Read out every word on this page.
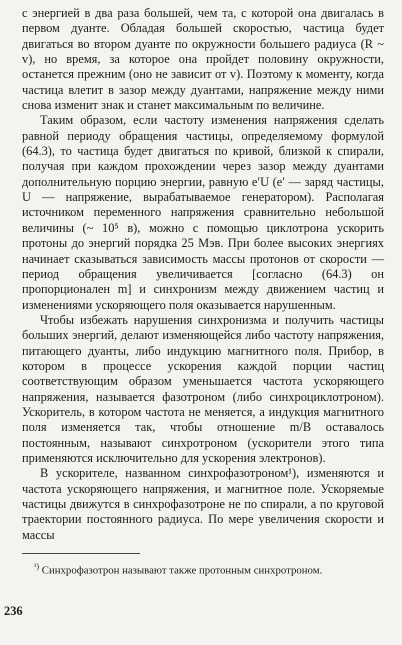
с энергией в два раза большей, чем та, с которой она двигалась в первом дуанте. Обладая большей скоростью, частица будет двигаться во втором дуанте по окружности большего радиуса (R ~ v), но время, за которое она пройдет половину окружности, останется прежним (оно не зависит от v). Поэтому к моменту, когда частица влетит в зазор между дуантами, напряжение между ними снова изменит знак и станет максимальным по величине.

Таким образом, если частоту изменения напряжения сделать равной периоду обращения частицы, определяемому формулой (64.3), то частица будет двигаться по кривой, близкой к спирали, получая при каждом прохождении через зазор между дуантами дополнительную порцию энергии, равную e′U (e′ — заряд частицы, U — напряжение, вырабатываемое генератором). Располагая источником переменного напряжения сравнительно небольшой величины (~ 10⁵ в), можно с помощью циклотрона ускорить протоны до энергий порядка 25 Мэв. При более высоких энергиях начинает сказываться зависимость массы протонов от скорости — период обращения увеличивается [согласно (64.3) он пропорционален m] и синхронизм между движением частиц и изменениями ускоряющего поля оказывается нарушенным.

Чтобы избежать нарушения синхронизма и получить частицы больших энергий, делают изменяющейся либо частоту напряжения, питающего дуанты, либо индукцию магнитного поля. Прибор, в котором в процессе ускорения каждой порции частиц соответствующим образом уменьшается частота ускоряющего напряжения, называется фазотроном (либо синхроциклотроном). Ускоритель, в котором частота не меняется, а индукция магнитного поля изменяется так, чтобы отношение m/B оставалось постоянным, называют синхротроном (ускорители этого типа применяются исключительно для ускорения электронов).

В ускорителе, названном синхрофазотроном¹), изменяются и частота ускоряющего напряжения, и магнитное поле. Ускоряемые частицы движутся в синхрофазотроне не по спирали, а по круговой траектории постоянного радиуса. По мере увеличения скорости и массы

$^{^1)}$ Синхрофазотрон называют также протонным синхротроном.

236
